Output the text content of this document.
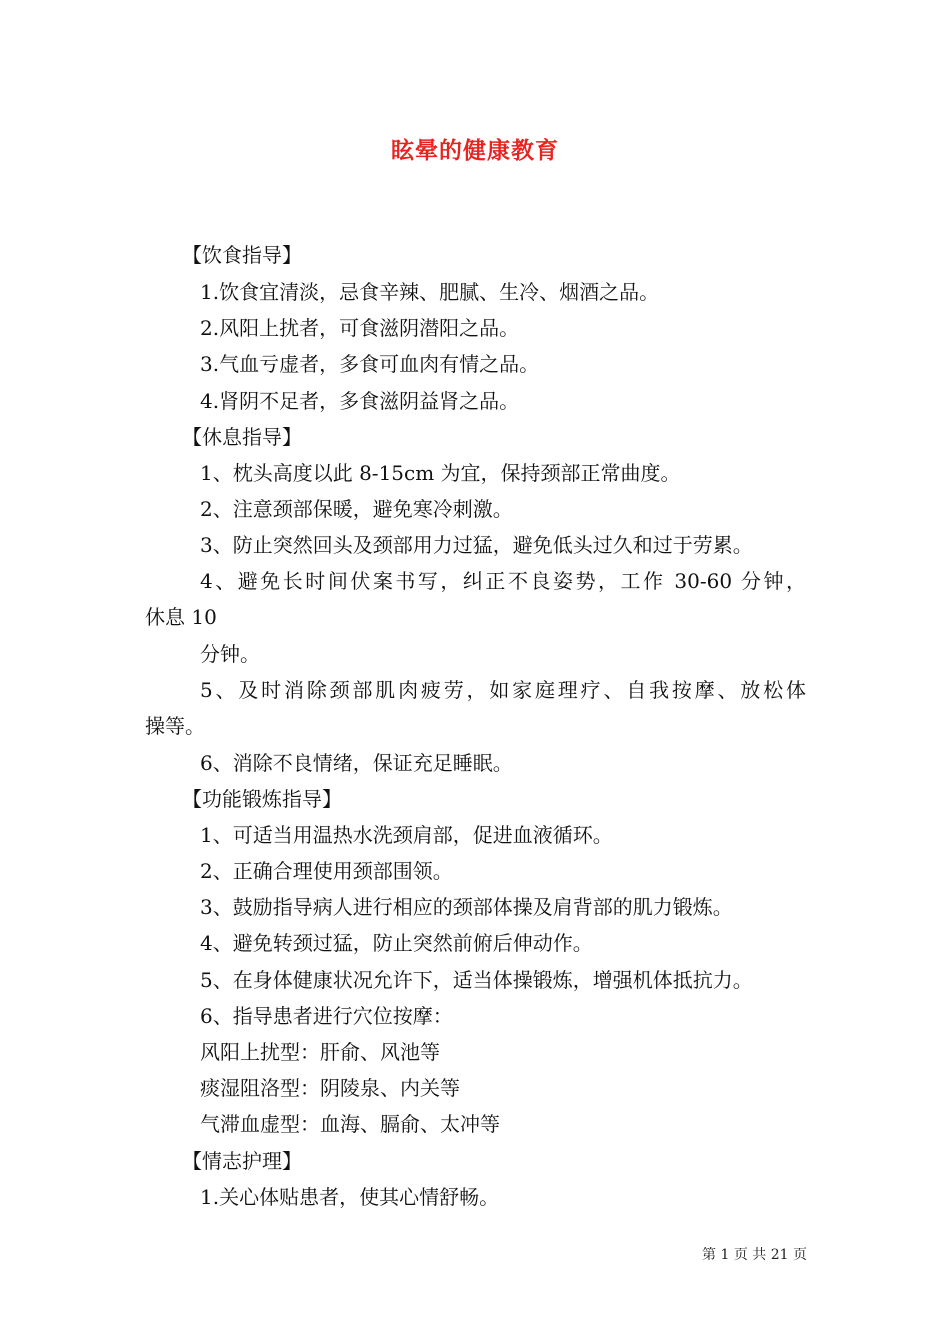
眩晕的健康教育
【饮食指导】
1.饮食宜清淡，忌食辛辣、肥腻、生冷、烟酒之品。
2.风阳上扰者，可食滋阴潜阳之品。
3.气血亏虚者，多食可血肉有情之品。
4.肾阴不足者，多食滋阴益肾之品。
【休息指导】
1、枕头高度以此 8-15cm 为宜，保持颈部正常曲度。
2、注意颈部保暖，避免寒冷刺激。
3、防止突然回头及颈部用力过猛，避免低头过久和过于劳累。
4、避免长时间伏案书写，纠正不良姿势，工作 30-60 分钟，
休息 10
分钟。
5、及时消除颈部肌肉疲劳，如家庭理疗、自我按摩、放松体
操等。
6、消除不良情绪，保证充足睡眠。
【功能锻炼指导】
1、可适当用温热水洗颈肩部，促进血液循环。
2、正确合理使用颈部围领。
3、鼓励指导病人进行相应的颈部体操及肩背部的肌力锻炼。
4、避免转颈过猛，防止突然前俯后伸动作。
5、在身体健康状况允许下，适当体操锻炼，增强机体抵抗力。
6、指导患者进行穴位按摩：
风阳上扰型：肝俞、风池等
痰湿阻洛型：阴陵泉、内关等
气滞血虚型：血海、膈俞、太冲等
【情志护理】
1.关心体贴患者，使其心情舒畅。
第 1 页 共 21 页
